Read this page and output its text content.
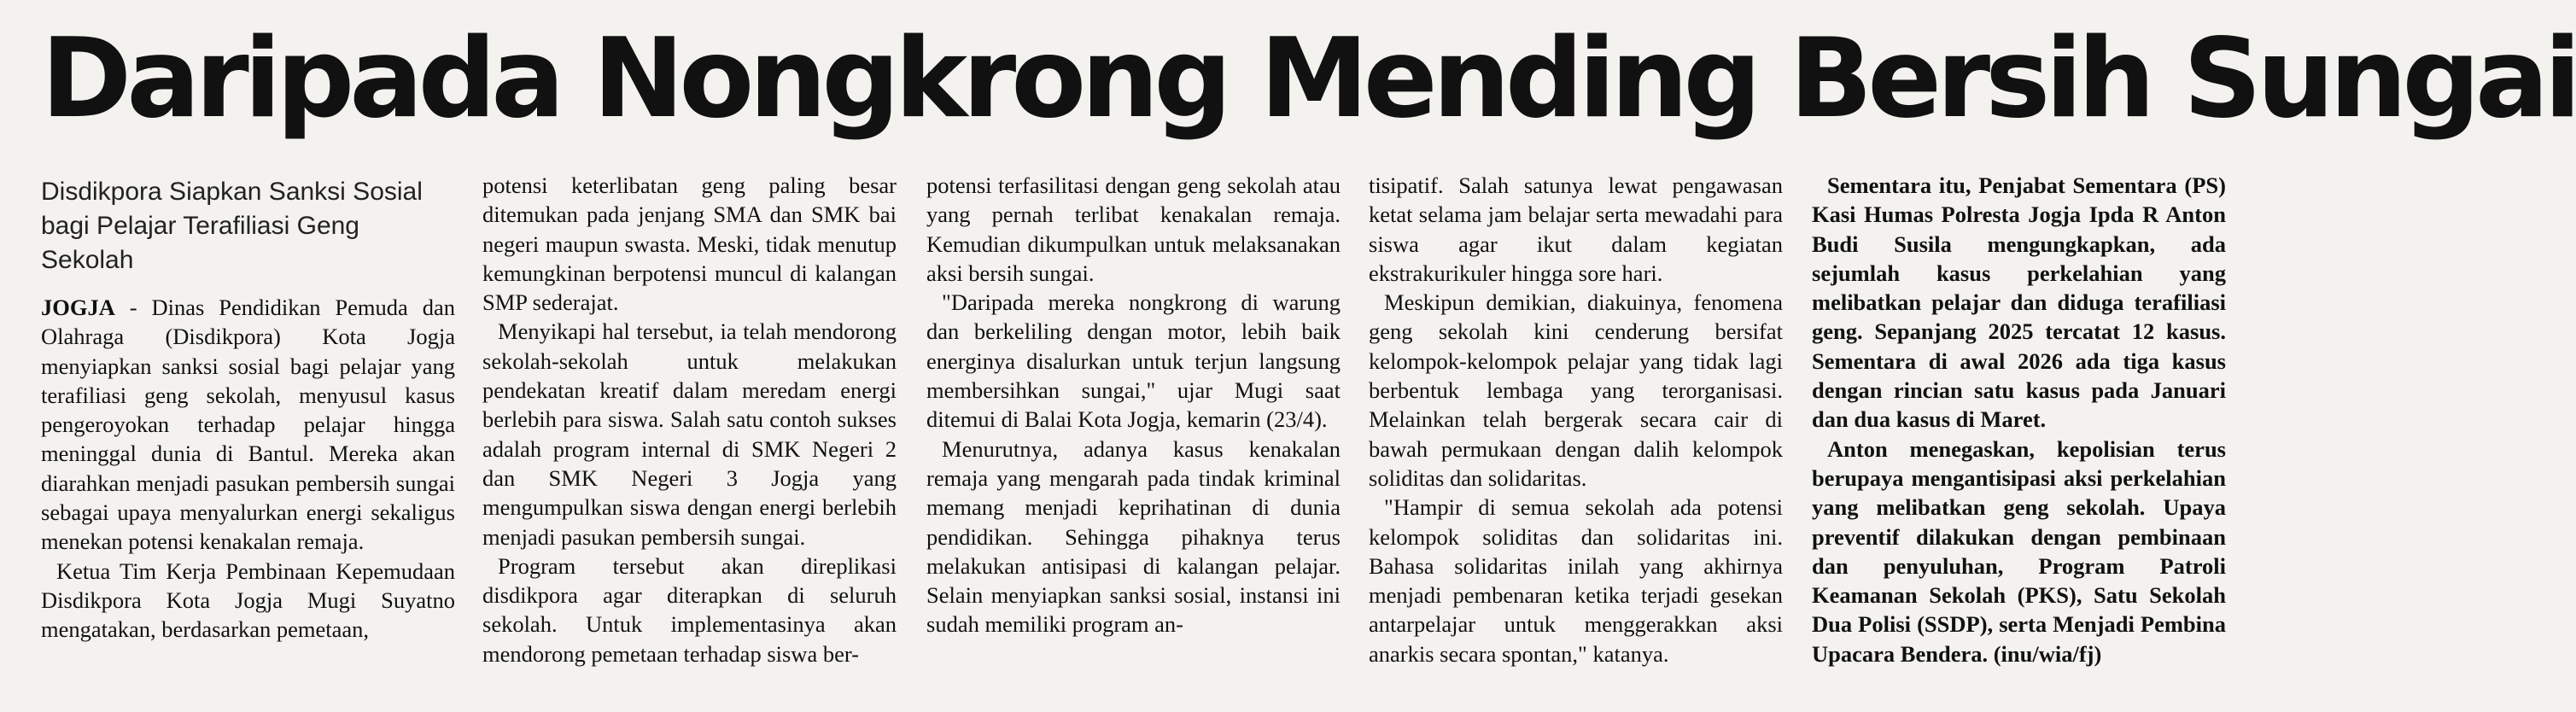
Daripada Nongkrong Mending Bersih Sungai
Disdikpora Siapkan Sanksi Sosial
bagi Pelajar Terafiliasi Geng Sekolah

JOGJA - Dinas Pendidikan Pemuda dan Olahraga (Disdikpora) Kota Jogja menyiapkan sanksi sosial bagi pelajar yang terafiliasi geng sekolah, menyusul kasus pengeroyokan terhadap pelajar hingga meninggal dunia di Bantul. Mereka akan diarahkan menjadi pasukan pembersih sungai sebagai upaya menyalurkan energi sekaligus menekan potensi kenakalan remaja.

Ketua Tim Kerja Pembinaan Kepemudaan Disdikpora Kota Jogja Mugi Suyatno mengatakan, berdasarkan pemetaan,

potensi keterlibatan geng paling besar ditemukan pada jenjang SMA dan SMK bai negeri maupun swasta. Meski, tidak menutup kemungkinan berpotensi muncul di kalangan SMP sederajat.

Menyikapi hal tersebut, ia telah mendorong sekolah-sekolah untuk melakukan pendekatan kreatif dalam meredam energi berlebih para siswa. Salah satu contoh sukses adalah program internal di SMK Negeri 2 dan SMK Negeri 3 Jogja yang mengumpulkan siswa dengan energi berlebih menjadi pasukan pembersih sungai.

Program tersebut akan direplikasi disdikpora agar diterapkan di seluruh sekolah. Untuk implementasinya akan mendorong pemetaan terhadap siswa ber-

potensi terfasilitasi dengan geng sekolah atau yang pernah terlibat kenakalan remaja. Kemudian dikumpulkan untuk melaksanakan aksi bersih sungai.

"Daripada mereka nongkrong di warung dan berkeliling dengan motor, lebih baik energinya disalurkan untuk terjun langsung membersihkan sungai," ujar Mugi saat ditemui di Balai Kota Jogja, kemarin (23/4).

Menurutnya, adanya kasus kenakalan remaja yang mengarah pada tindak kriminal memang menjadi keprihatinan di dunia pendidikan. Sehingga pihaknya terus melakukan antisipasi di kalangan pelajar. Selain menyiapkan sanksi sosial, instansi ini sudah memiliki program an-

tisipatif. Salah satunya lewat pengawasan ketat selama jam belajar serta mewadahi para siswa agar ikut dalam kegiatan ekstrakurikuler hingga sore hari.

Meskipun demikian, diakuinya, fenomena geng sekolah kini cenderung bersifat kelompok-kelompok pelajar yang tidak lagi berbentuk lembaga yang terorganisasi. Melainkan telah bergerak secara cair di bawah permukaan dengan dalih kelompok soliditas dan solidaritas.

"Hampir di semua sekolah ada potensi kelompok soliditas dan solidaritas ini. Bahasa solidaritas inilah yang akhirnya menjadi pembenaran ketika terjadi gesekan antarpelajar untuk menggerakkan aksi anarkis secara spontan," katanya.

Sementara itu, Penjabat Sementara (PS) Kasi Humas Polresta Jogja Ipda R Anton Budi Susila mengungkapkan, ada sejumlah kasus perkelahian yang melibatkan pelajar dan diduga terafiliasi geng. Sepanjang 2025 tercatat 12 kasus. Sementara di awal 2026 ada tiga kasus dengan rincian satu kasus pada Januari dan dua kasus di Maret.

Anton menegaskan, kepolisian terus berupaya mengantisipasi aksi perkelahian yang melibatkan geng sekolah. Upaya preventif dilakukan dengan pembinaan dan penyuluhan, Program Patroli Keamanan Sekolah (PKS), Satu Sekolah Dua Polisi (SSDP), serta Menjadi Pembina Upacara Bendera. (inu/wia/fj)
